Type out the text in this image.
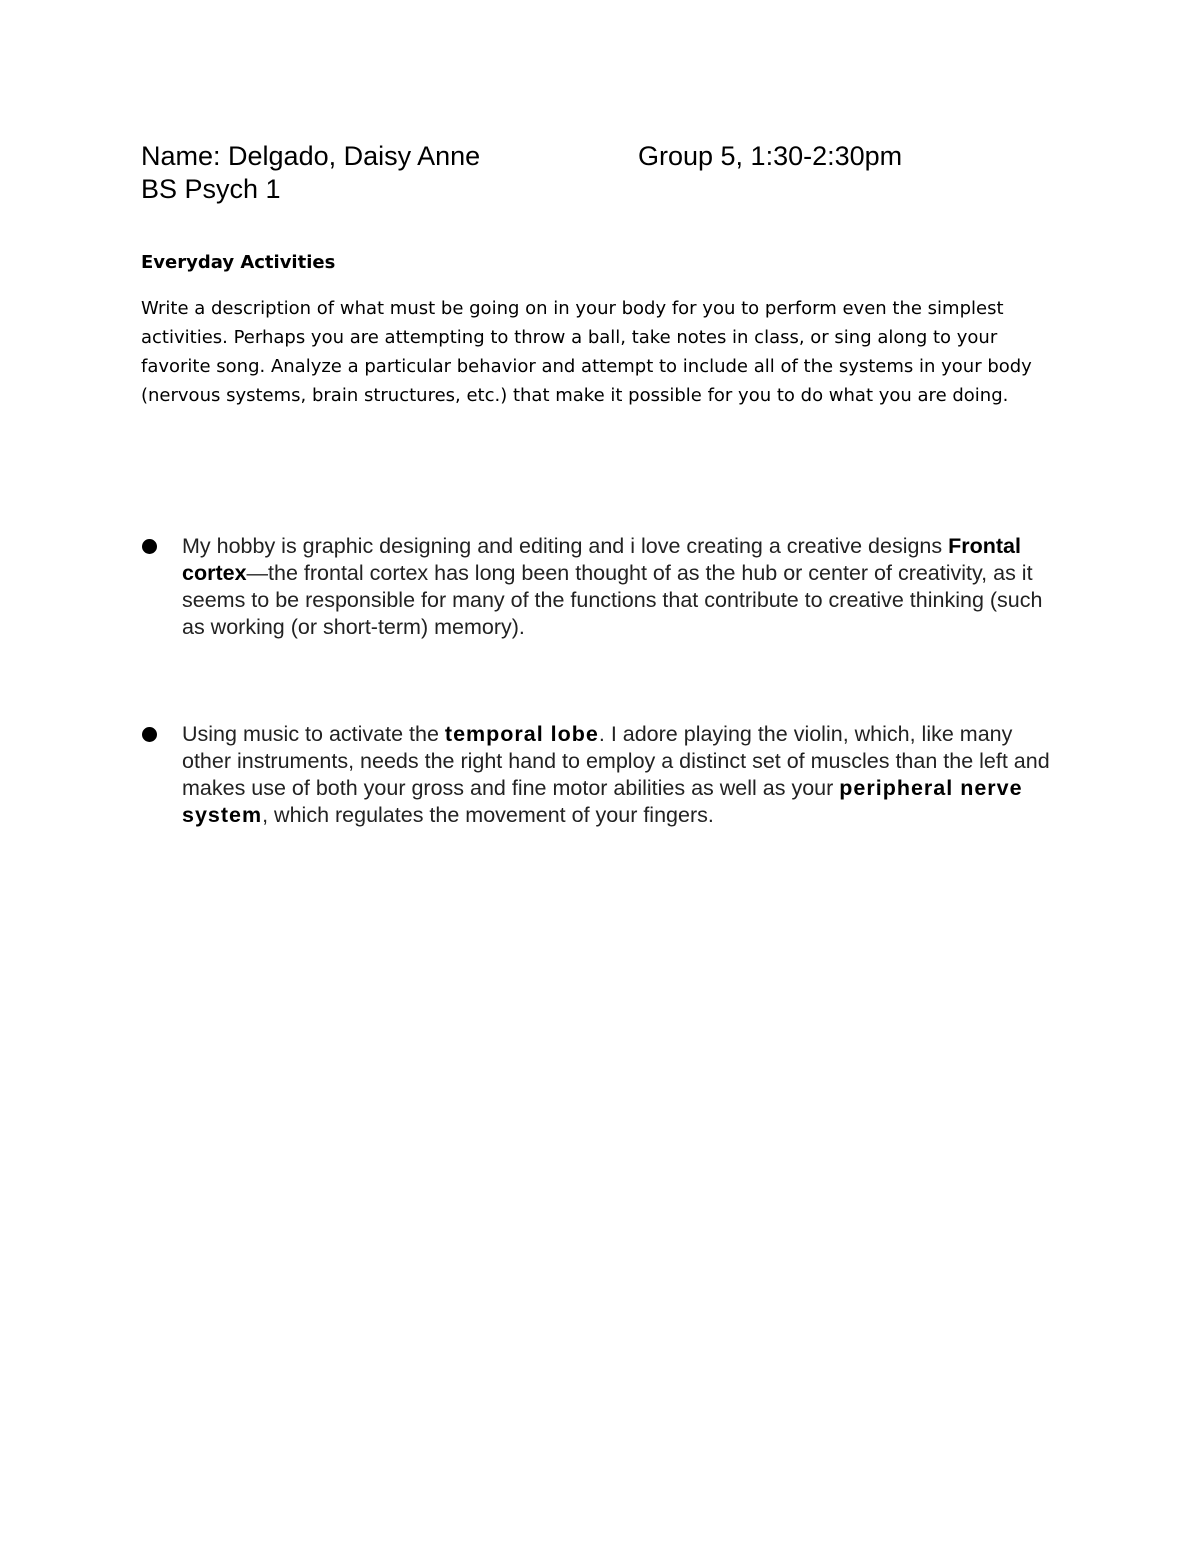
Name: Delgado, Daisy Anne	Group 5, 1:30-2:30pm
BS Psych 1

Everyday Activities

Write a description of what must be going on in your body for you to perform even the simplest activities. Perhaps you are attempting to throw a ball, take notes in class, or sing along to your favorite song. Analyze a particular behavior and attempt to include all of the systems in your body (nervous systems, brain structures, etc.) that make it possible for you to do what you are doing.

My hobby is graphic designing and editing and i love creating a creative designs Frontal cortex—the frontal cortex has long been thought of as the hub or center of creativity, as it seems to be responsible for many of the functions that contribute to creative thinking (such as working (or short-term) memory).
Using music to activate the temporal lobe. I adore playing the violin, which, like many other instruments, needs the right hand to employ a distinct set of muscles than the left and makes use of both your gross and fine motor abilities as well as your peripheral nerve system, which regulates the movement of your fingers.
